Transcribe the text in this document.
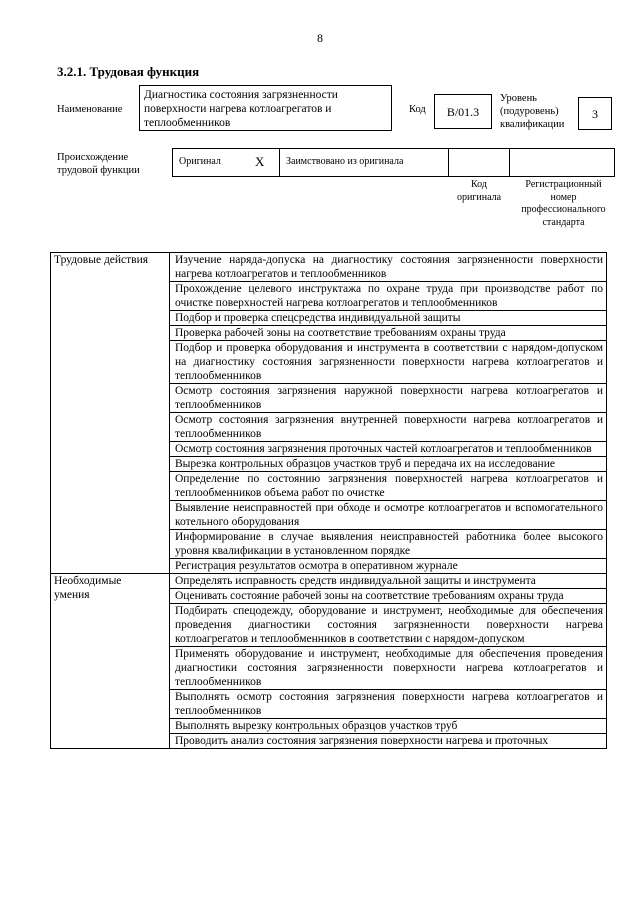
8
3.2.1. Трудовая функция
Наименование
Диагностика состояния загрязненности поверхности нагрева котлоагрегатов и теплообменников
Код	B/01.3
Уровень (подуровень) квалификации
3
Происхождение трудовой функции
Оригинал	X Заимствовано из оригинала
Код оригинала
Регистрационный номер профессионального стандарта
Трудовые действия	Изучение наряда-допуска на диагностику состояния загрязненности поверхности нагрева котлоагрегатов и теплообменников
	Прохождение целевого инструктажа по охране труда при производстве работ по очистке поверхностей нагрева котлоагрегатов и теплообменников
	Подбор и проверка спецсредства индивидуальной защиты
	Проверка рабочей зоны на соответствие требованиям охраны труда
	Подбор и проверка оборудования и инструмента в соответствии с нарядом-допуском на диагностику состояния загрязненности поверхности нагрева котлоагрегатов и теплообменников
	Осмотр состояния загрязнения наружной поверхности нагрева котлоагрегатов и теплообменников
	Осмотр состояния загрязнения внутренней поверхности нагрева котлоагрегатов и теплообменников
	Осмотр состояния загрязнения проточных частей котлоагрегатов и теплообменников
	Вырезка контрольных образцов участков труб и передача их на исследование
	Определение по состоянию загрязнения поверхностей нагрева котлоагрегатов и теплообменников объема работ по очистке
	Выявление неисправностей при обходе и осмотре котлоагрегатов и вспомогательного котельного оборудования
	Информирование в случае выявления неисправностей работника более высокого уровня квалификации в установленном порядке
	Регистрация результатов осмотра в оперативном журнале

Необходимые
умения	Определять исправность средств индивидуальной защиты и инструмента
	Оценивать состояние рабочей зоны на соответствие требованиям охраны труда
	Подбирать спецодежду, оборудование и инструмент, необходимые для обеспечения проведения диагностики состояния загрязненности поверхности нагрева котлоагрегатов и теплообменников в соответствии с нарядом-допуском
	Применять оборудование и инструмент, необходимые для обеспечения проведения диагностики состояния загрязненности поверхности нагрева котлоагрегатов и теплообменников
	Выполнять осмотр состояния загрязнения поверхности нагрева котлоагрегатов и теплообменников
	Выполнять вырезку контрольных образцов участков труб
	Проводить анализ состояния загрязнения поверхности нагрева и проточных
